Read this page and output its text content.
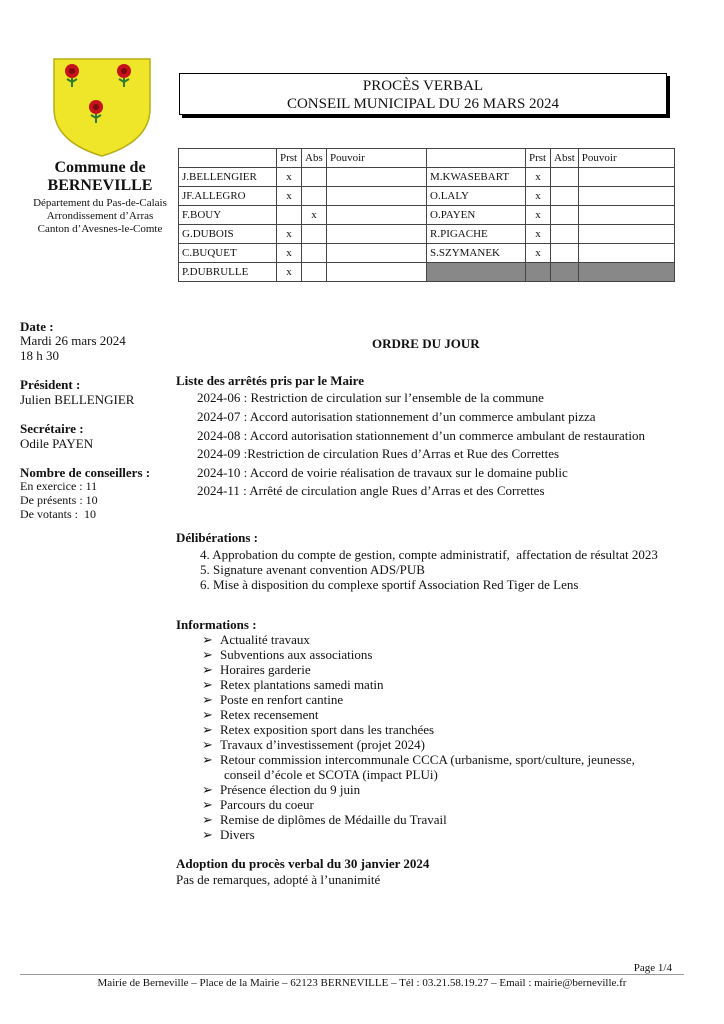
Commune de
BERNEVILLE
Département du Pas-de-Calais
Arrondissement d’Arras
Canton d’Avesnes-le-Comte
PROCÈS VERBAL
CONSEIL MUNICIPAL DU 26 MARS 2024
	Prst	Abs	Pouvoir		Prst	Abst	Pouvoir
J.BELLENGIER	x			M.KWASEBART	x		
JF.ALLEGRO	x			O.LALY	x		
F.BOUY		x		O.PAYEN	x		
G.DUBOIS	x			R.PIGACHE	x		
C.BUQUET	x			S.SZYMANEK	x		
P.DUBRULLE	x						
Date :
Mardi 26 mars 2024
18 h 30
Président :
Julien BELLENGIER
Secrétaire :
Odile PAYEN
Nombre de conseillers :
En exercice : 11
De présents : 10
De votants :  10
ORDRE DU JOUR
Liste des arrêtés pris par le Maire
2024-06 : Restriction de circulation sur l’ensemble de la commune
2024-07 : Accord autorisation stationnement d’un commerce ambulant pizza
2024-08 : Accord autorisation stationnement d’un commerce ambulant de restauration
2024-09 :Restriction de circulation Rues d’Arras et Rue des Correttes
2024-10 : Accord de voirie réalisation de travaux sur le domaine public
2024-11 : Arrêté de circulation angle Rues d’Arras et des Correttes
Délibérations :
4. Approbation du compte de gestion, compte administratif,  affectation de résultat 2023
5. Signature avenant convention ADS/PUB
6. Mise à disposition du complexe sportif Association Red Tiger de Lens
Informations :
➢ Actualité travaux
➢ Subventions aux associations
➢ Horaires garderie
➢ Retex plantations samedi matin
➢ Poste en renfort cantine
➢ Retex recensement
➢ Retex exposition sport dans les tranchées
➢ Travaux d’investissement (projet 2024)
➢ Retour commission intercommunale CCCA (urbanisme, sport/culture, jeunesse,
conseil d’école et SCOTA (impact PLUi)
➢ Présence élection du 9 juin
➢ Parcours du coeur
➢ Remise de diplômes de Médaille du Travail
➢ Divers
Adoption du procès verbal du 30 janvier 2024
Pas de remarques, adopté à l’unanimité
Page 1/4
Mairie de Berneville – Place de la Mairie – 62123 BERNEVILLE – Tél : 03.21.58.19.27 – Email : mairie@berneville.fr
